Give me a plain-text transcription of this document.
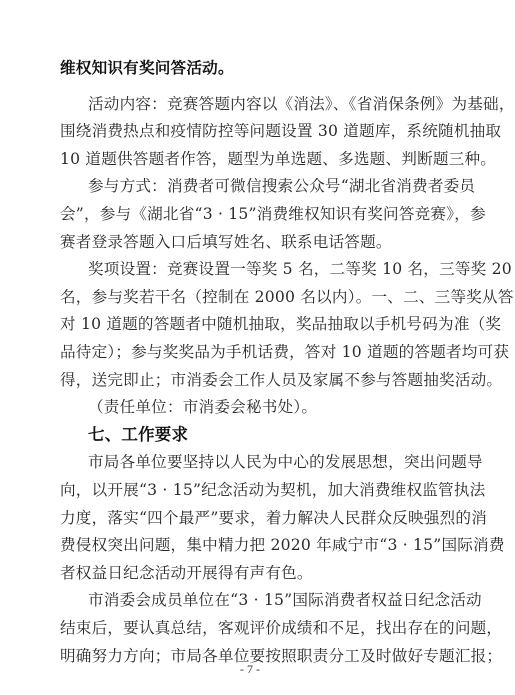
维权知识有奖问答活动。
活动内容：竞赛答题内容以《消法》、《省消保条例》为基础，
围绕消费热点和疫情防控等问题设置 30 道题库，系统随机抽取
10 道题供答题者作答，题型为单选题、多选题、判断题三种。
参与方式：消费者可微信搜索公众号“湖北省消费者委员
会”，参与《湖北省“3 · 15”消费维权知识有奖问答竞赛》，参
赛者登录答题入口后填写姓名、联系电话答题。
奖项设置：竞赛设置一等奖 5 名，二等奖 10 名，三等奖 20
名，参与奖若干名（控制在 2000 名以内）。一、二、三等奖从答
对 10 道题的答题者中随机抽取，奖品抽取以手机号码为准（奖
品待定）；参与奖奖品为手机话费，答对 10 道题的答题者均可获
得，送完即止；市消委会工作人员及家属不参与答题抽奖活动。
（责任单位：市消委会秘书处）。
七、工作要求
市局各单位要坚持以人民为中心的发展思想，突出问题导
向，以开展“3 · 15”纪念活动为契机，加大消费维权监管执法
力度，落实“四个最严”要求，着力解决人民群众反映强烈的消
费侵权突出问题，集中精力把 2020 年咸宁市“3 · 15”国际消费
者权益日纪念活动开展得有声有色。
市消委会成员单位在“3 · 15”国际消费者权益日纪念活动
- 7 -
结束后，要认真总结，客观评价成绩和不足，找出存在的问题，
明确努力方向；市局各单位要按照职责分工及时做好专题汇报；
